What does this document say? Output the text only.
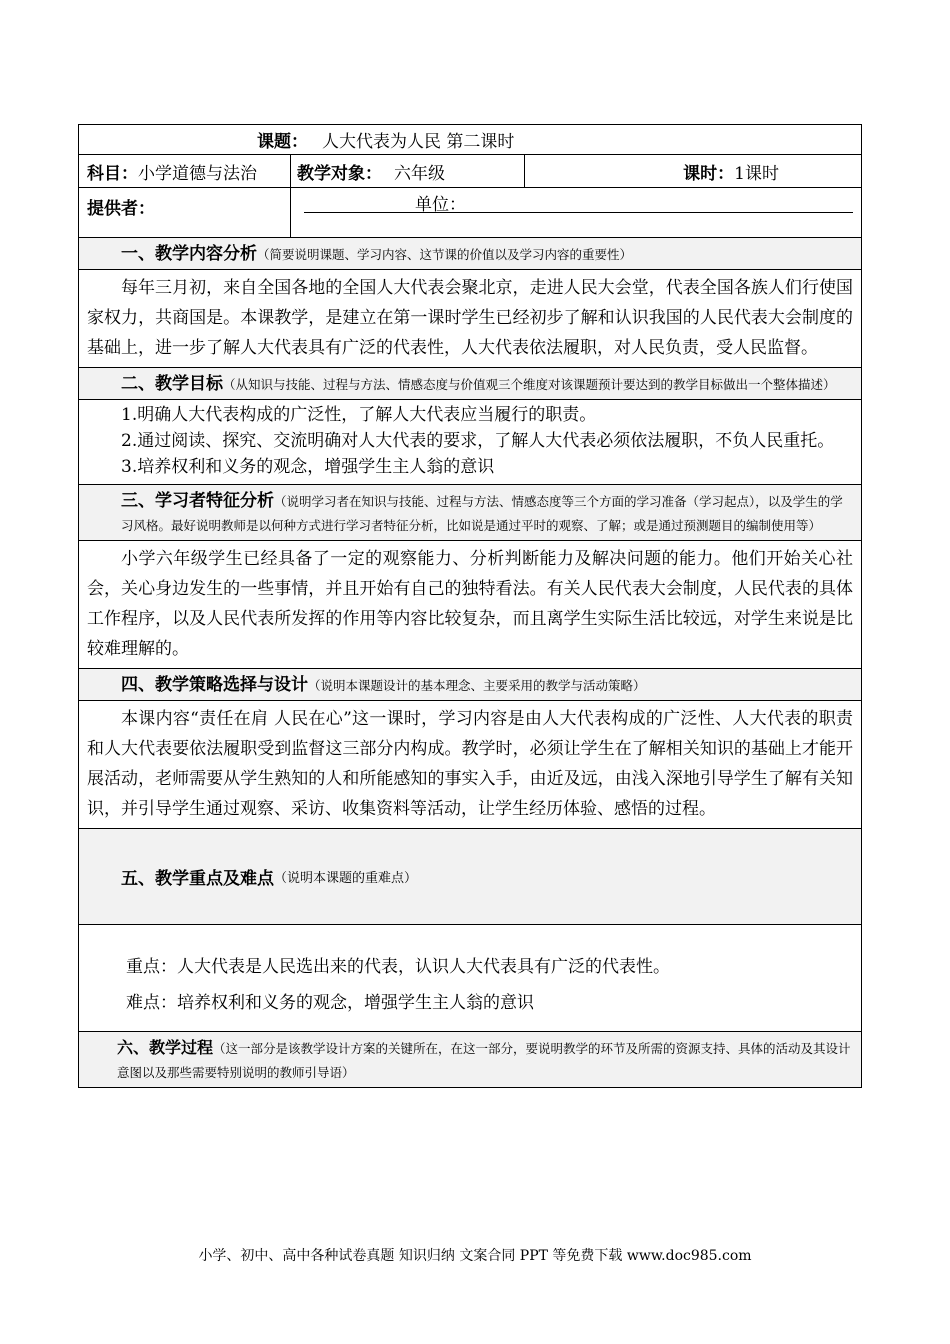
课题： 人大代表为人民 第二课时
科目： 小学道德与法治 教学对象： 六年级	课时： 1课时
提供者：	单位：
一、教学内容分析（简要说明课题、学习内容、这节课的价值以及学习内容的重要性）
每年三月初，来自全国各地的全国人大代表会聚北京，走进人民大会堂，代表全国各族人们行使国家权力，共商国是。本课教学，是建立在第一课时学生已经初步了解和认识我国的人民代表大会制度的基础上，进一步了解人大代表具有广泛的代表性，人大代表依法履职，对人民负责，受人民监督。
二、教学目标（从知识与技能、过程与方法、情感态度与价值观三个维度对该课题预计要达到的教学目标做出一个整体描述）

1.明确人大代表构成的广泛性，了解人大代表应当履行的职责。

2.通过阅读、探究、交流明确对人大代表的要求，了解人大代表必须依法履职，不负人民重托。

3.培养权利和义务的观念，增强学生主人翁的意识

三、学习者特征分析（说明学习者在知识与技能、过程与方法、情感态度等三个方面的学习准备（学习起点），以及学生的学习风格。最好说明教师是以何种方式进行学习者特征分析，比如说是通过平时的观察、了解；或是通过预测题目的编制使用等）
小学六年级学生已经具备了一定的观察能力、分析判断能力及解决问题的能力。他们开始关心社会，关心身边发生的一些事情，并且开始有自己的独特看法。有关人民代表大会制度，人民代表的具体工作程序，以及人民代表所发挥的作用等内容比较复杂，而且离学生实际生活比较远，对学生来说是比较难理解的。
四、教学策略选择与设计（说明本课题设计的基本理念、主要采用的教学与活动策略）
本课内容“责任在肩 人民在心”这一课时，学习内容是由人大代表构成的广泛性、人大代表的职责和人大代表要依法履职受到监督这三部分内构成。教学时，必须让学生在了解相关知识的基础上才能开展活动，老师需要从学生熟知的人和所能感知的事实入手，由近及远，由浅入深地引导学生了解有关知识，并引导学生通过观察、采访、收集资料等活动，让学生经历体验、感悟的过程。
五、教学重点及难点 （说明本课题的重难点）

重点：人大代表是人民选出来的代表，认识人大代表具有广泛的代表性。

难点：培养权利和义务的观念，增强学生主人翁的意识

六、教学过程（这一部分是该教学设计方案的关键所在，在这一部分，要说明教学的环节及所需的资源支持、具体的活动及其设计意图以及那些需要特别说明的教师引导语）
小学、初中、高中各种试卷真题 知识归纳 文案合同 PPT 等免费下载 www.doc985.com
